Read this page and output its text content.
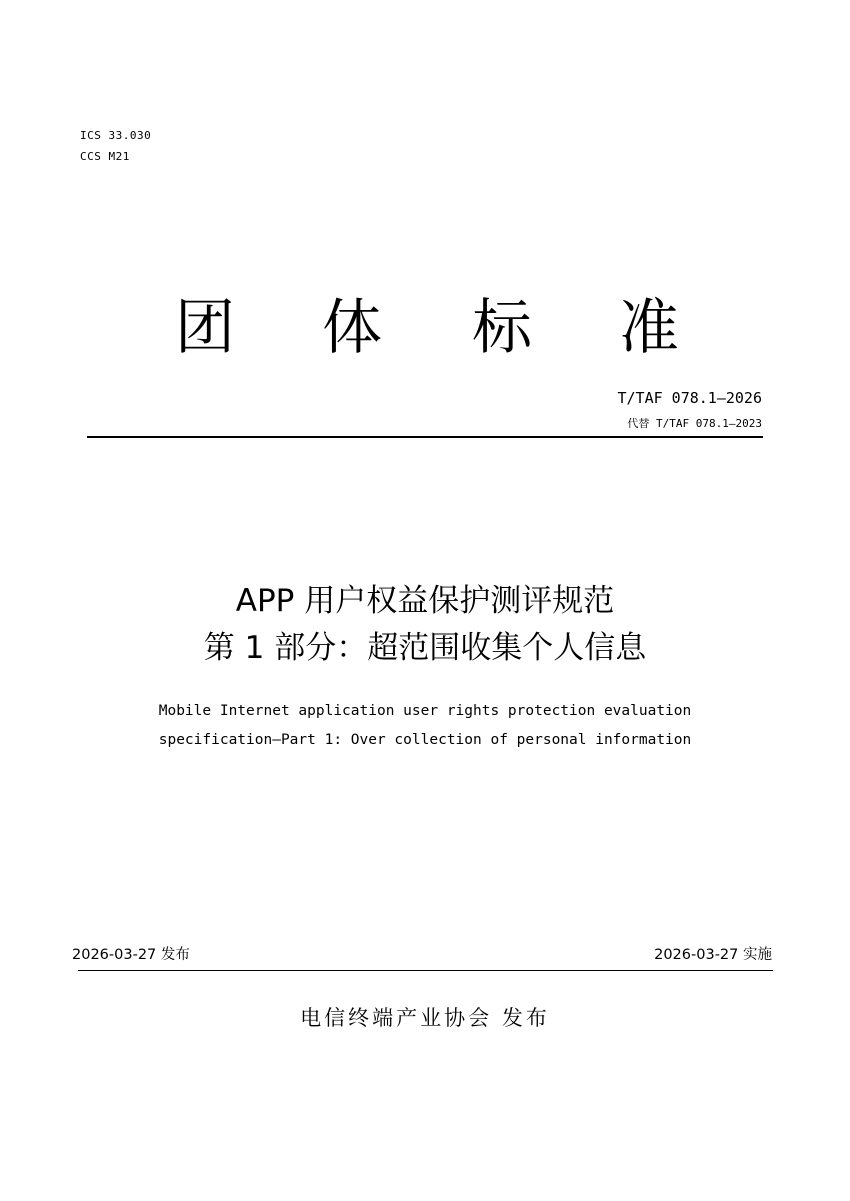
ICS 33.030
CCS M21
团 体 标 准
T/TAF 078.1—2026
代替 T/TAF 078.1—2023
APP 用户权益保护测评规范
第 1 部分：超范围收集个人信息
Mobile Internet application user rights protection evaluation
specification—Part 1: Over collection of personal information
2026-03-27 发布	2026-03-27 实施
电信终端产业协会 发布
